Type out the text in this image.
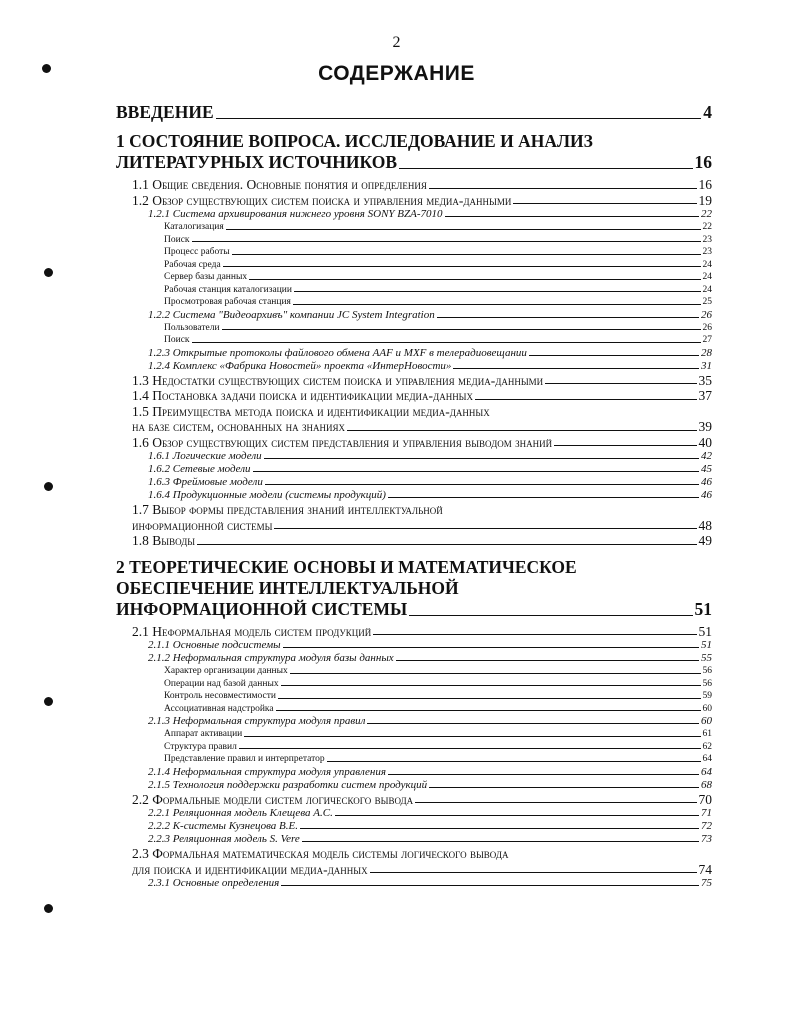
2
СОДЕРЖАНИЕ
ВВЕДЕНИЕ	4
1 СОСТОЯНИЕ ВОПРОСА. ИССЛЕДОВАНИЕ И АНАЛИЗ
ЛИТЕРАТУРНЫХ ИСТОЧНИКОВ	16
1.1 Общие сведения. Основные понятия и определения	16
1.2 Обзор существующих систем поиска и управления медиа-данными	19
1.2.1 Система архивирования нижнего уровня SONY BZA-7010	22
Каталогизация	22
Поиск	23
Процесс работы	23
Рабочая среда	24
Сервер базы данных	24
Рабочая станция каталогизации	24
Просмотровая рабочая станция	25
1.2.2 Система "Видеоархивъ" компании JC System Integration	26
Пользователи	26
Поиск	27
1.2.3 Открытые протоколы файлового обмена AAF и MXF в телерадиовещании	28
1.2.4 Комплекс «Фабрика Новостей» проекта «ИнтерНовости»	31
1.3 Недостатки существующих систем поиска и управления медиа-данными	35
1.4 Постановка задачи поиска и идентификации медиа-данных	37
1.5 Преимущества метода поиска и идентификации медиа-данных
на базе систем, основанных на знаниях	39
1.6 Обзор существующих систем представления и управления выводом знаний	40
1.6.1 Логические модели	42
1.6.2 Сетевые модели	45
1.6.3 Фреймовые модели	46
1.6.4 Продукционные модели (системы продукций)	46
1.7 Выбор формы представления знаний интеллектуальной
информационной системы	48
1.8 Выводы	49
2 ТЕОРЕТИЧЕСКИЕ ОСНОВЫ И МАТЕМАТИЧЕСКОЕ
ОБЕСПЕЧЕНИЕ ИНТЕЛЛЕКТУАЛЬНОЙ
ИНФОРМАЦИОННОЙ СИСТЕМЫ	51
2.1 Неформальная модель систем продукций	51
2.1.1 Основные подсистемы	51
2.1.2 Неформальная структура модуля базы данных	55
Характер организации данных	56
Операции над базой данных	56
Контроль несовместимости	59
Ассоциативная надстройка	60
2.1.3 Неформальная структура модуля правил	60
Аппарат активации	61
Структура правил	62
Представление правил и интерпретатор	64
2.1.4 Неформальная структура модуля управления	64
2.1.5 Технология поддержки разработки систем продукций	68
2.2 Формальные модели систем логического вывода	70
2.2.1 Реляционная модель Клещева А.С.	71
2.2.2 К-системы Кузнецова В.Е.	72
2.2.3 Реляционная модель S. Vere	73
2.3 Формальная математическая модель системы логического вывода
для поиска и идентификации медиа-данных	74
2.3.1 Основные определения	75
